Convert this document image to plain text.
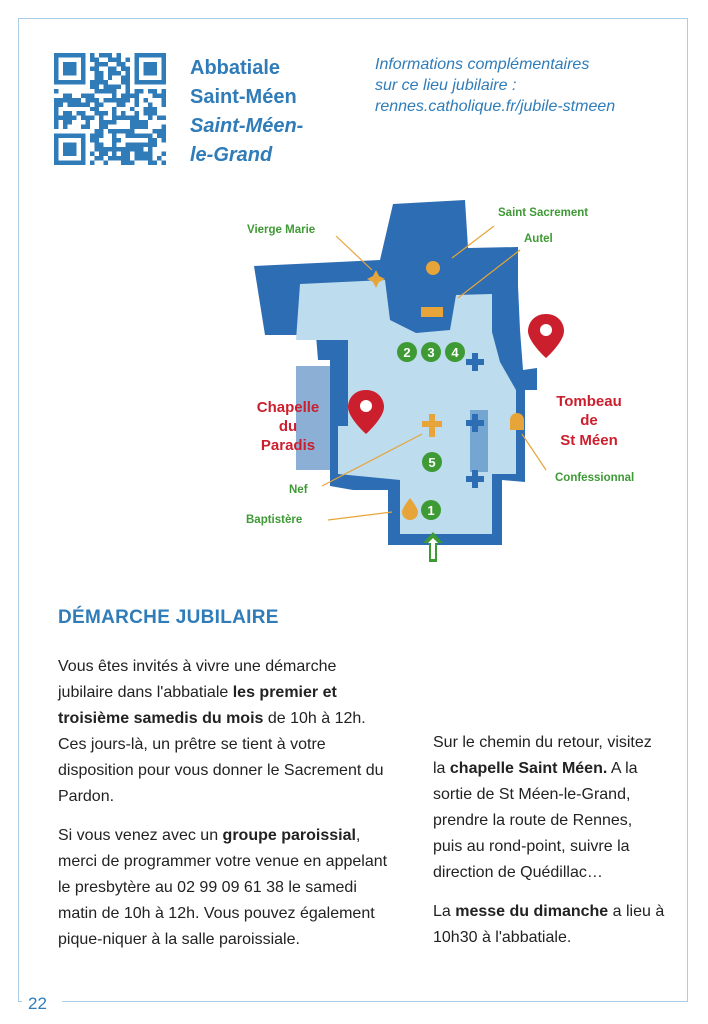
22
Abbatiale
Saint-Méen
Saint-Méen-
le-Grand
Informations complémentaires
sur ce lieu jubilaire :
rennes.catholique.fr/jubile-stmeen
2 3 4
5
1
Vierge Marie
Saint Sacrement
Autel
Confessionnal
Nef
Baptistère
Chapelle
du
Paradis
Tombeau
de
St Méen
DÉMARCHE JUBILAIRE

Vous êtes invités à vivre une démarche jubilaire dans l'abbatiale les premier et troisième samedis du mois de 10h à 12h. Ces jours-là, un prêtre se tient à votre disposition pour vous donner le Sacrement du Pardon.

Si vous venez avec un groupe paroissial, merci de programmer votre venue en appelant le presbytère au 02 99 09 61 38 le samedi matin de 10h à 12h. Vous pouvez également pique-niquer à la salle paroissiale.

Sur le chemin du retour, visitez la chapelle Saint Méen. A la sortie de St Méen-le-Grand, prendre la route de Rennes, puis au rond-point, suivre la direction de Quédillac…

La messe du dimanche a lieu à 10h30 à l'abbatiale.
